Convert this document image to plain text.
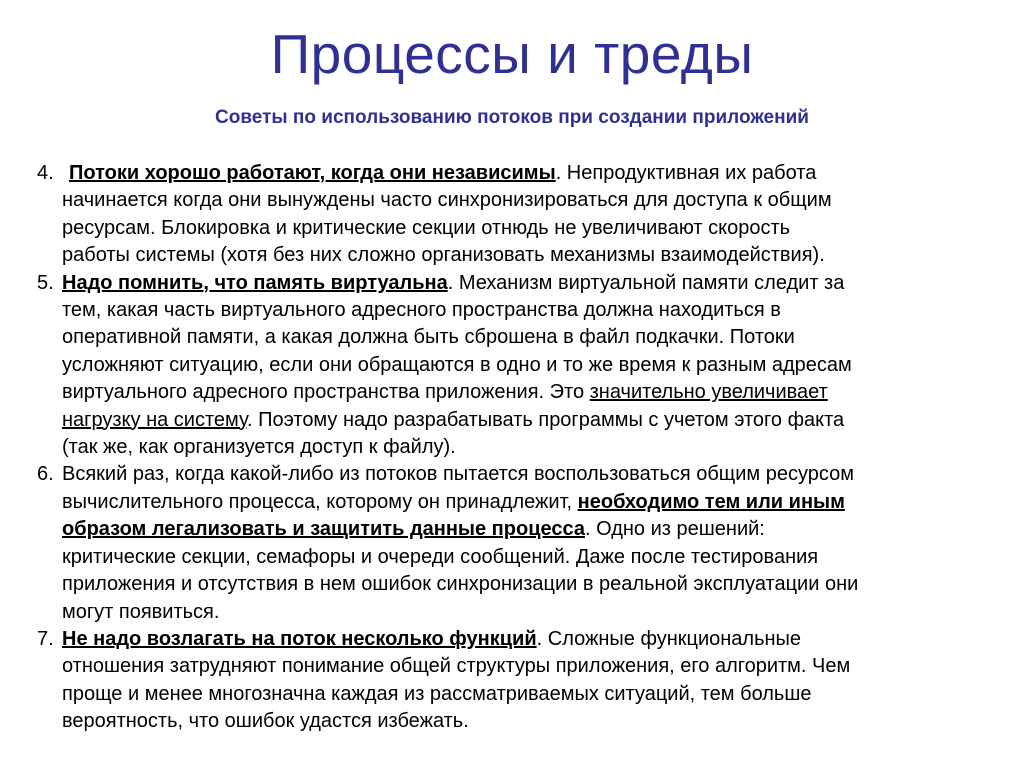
Процессы и треды
Советы по использованию потоков при создании приложений
4. Потоки хорошо работают, когда они независимы. Непродуктивная их работа
начинается когда они вынуждены часто синхронизироваться для доступа к общим
ресурсам. Блокировка и критические секции отнюдь не увеличивают скорость
работы системы (хотя без них сложно организовать механизмы взаимодействия).
5. Надо помнить, что память виртуальна. Механизм виртуальной памяти следит за
тем, какая часть виртуального адресного пространства должна находиться в
оперативной памяти, а какая должна быть сброшена в файл подкачки. Потоки
усложняют ситуацию, если они обращаются в одно и то же время к разным адресам
виртуального адресного пространства приложения. Это значительно увеличивает
нагрузку на систему. Поэтому надо разрабатывать программы с учетом этого факта
(так же, как организуется доступ к файлу).
6. Всякий раз, когда какой-либо из потоков пытается воспользоваться общим ресурсом
вычислительного процесса, которому он принадлежит, необходимо тем или иным
образом легализовать и защитить данные процесса. Одно из решений:
критические секции, семафоры и очереди сообщений. Даже после тестирования
приложения и отсутствия в нем ошибок синхронизации в реальной эксплуатации они
могут появиться.
7. Не надо возлагать на поток несколько функций. Сложные функциональные
отношения затрудняют понимание общей структуры приложения, его алгоритм. Чем
проще и менее многозначна каждая из рассматриваемых ситуаций, тем больше
вероятность, что ошибок удастся избежать.
